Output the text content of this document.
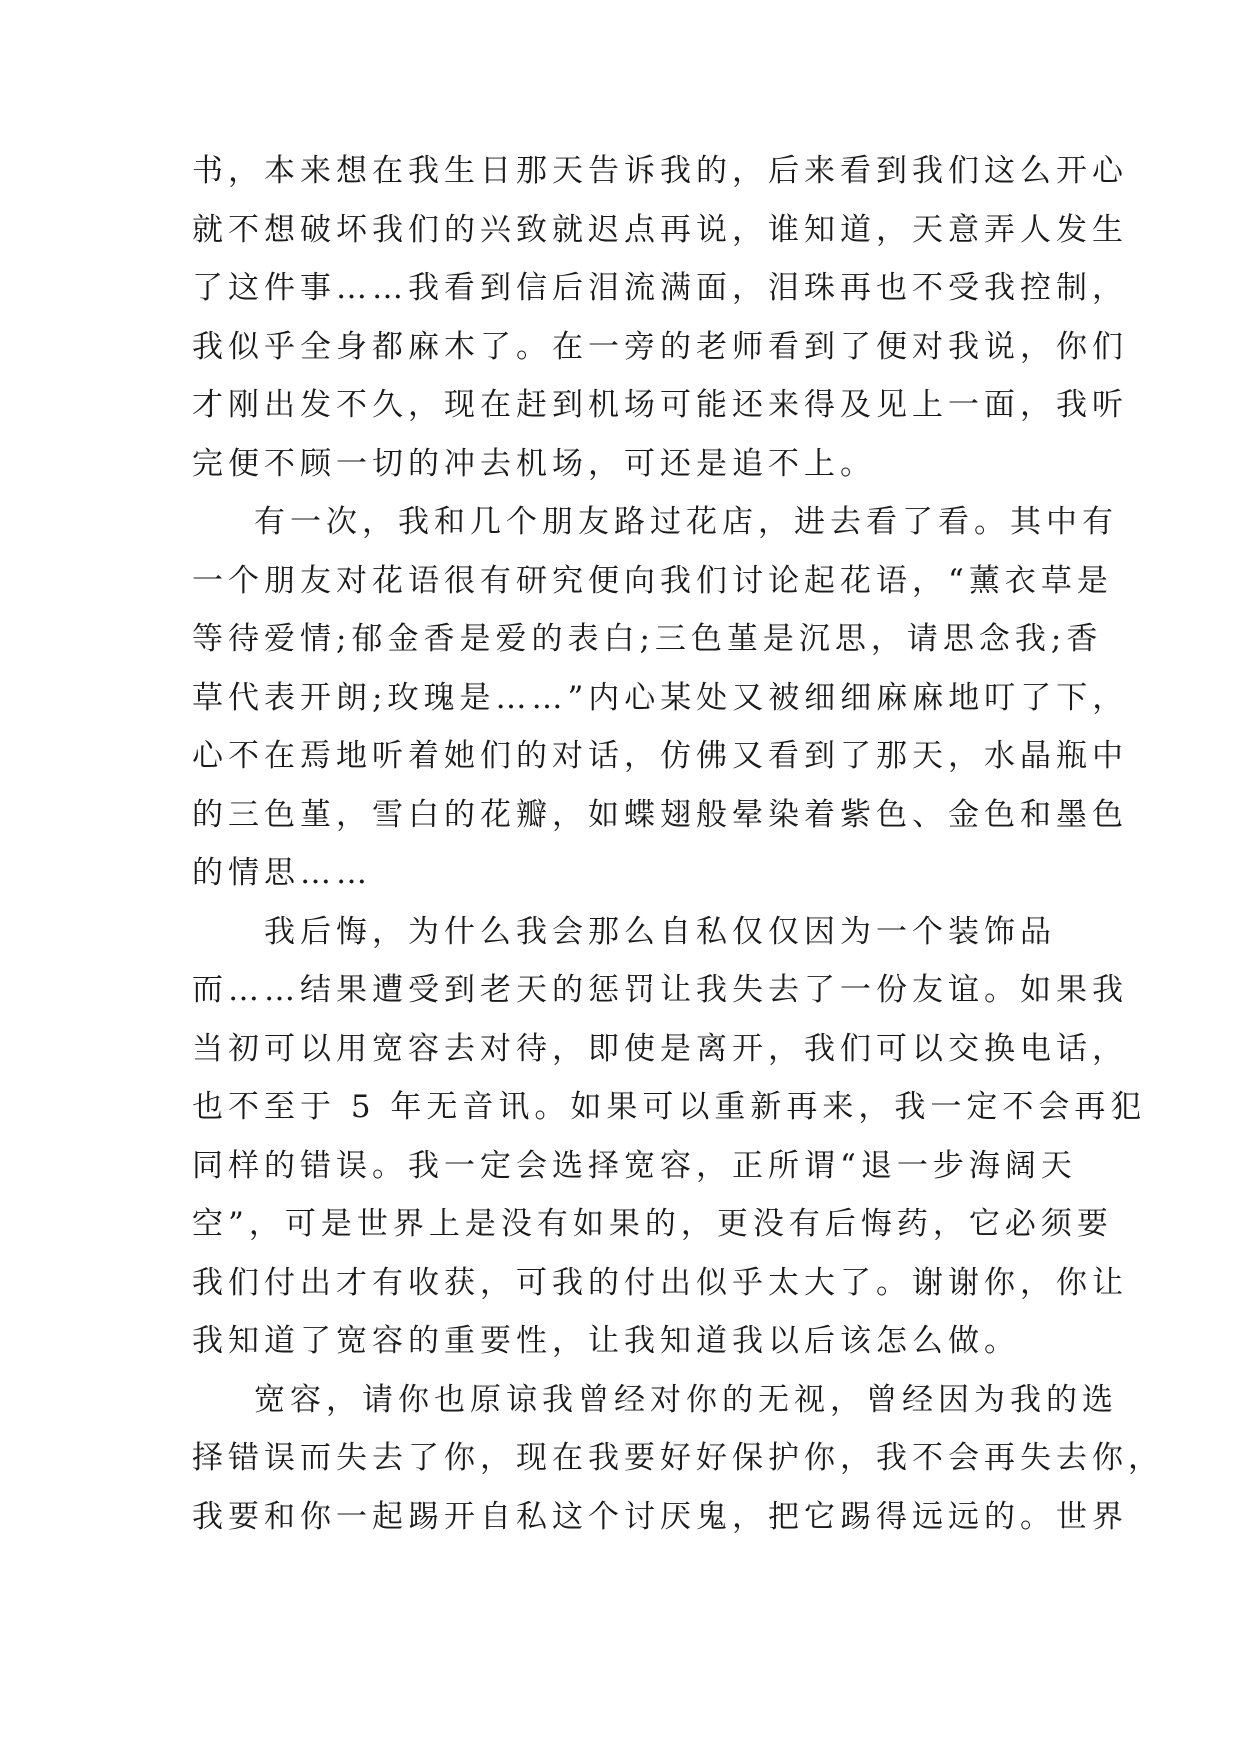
书，本来想在我生日那天告诉我的，后来看到我们这么开心
就不想破坏我们的兴致就迟点再说，谁知道，天意弄人发生
了这件事……我看到信后泪流满面，泪珠再也不受我控制，
我似乎全身都麻木了。在一旁的老师看到了便对我说，你们
才刚出发不久，现在赶到机场可能还来得及见上一面，我听
完便不顾一切的冲去机场，可还是追不上。
有一次，我和几个朋友路过花店，进去看了看。其中有
一个朋友对花语很有研究便向我们讨论起花语，“薰衣草是
等待爱情;郁金香是爱的表白;三色堇是沉思，请思念我;香
草代表开朗;玫瑰是……”内心某处又被细细麻麻地叮了下，
心不在焉地听着她们的对话，仿佛又看到了那天，水晶瓶中
的三色堇，雪白的花瓣，如蝶翅般晕染着紫色、金色和墨色
的情思……
我后悔，为什么我会那么自私仅仅因为一个装饰品
而……结果遭受到老天的惩罚让我失去了一份友谊。如果我
当初可以用宽容去对待，即使是离开，我们可以交换电话，
也不至于 5 年无音讯。如果可以重新再来，我一定不会再犯
同样的错误。我一定会选择宽容，正所谓“退一步海阔天
空”，可是世界上是没有如果的，更没有后悔药，它必须要
我们付出才有收获，可我的付出似乎太大了。谢谢你，你让
我知道了宽容的重要性，让我知道我以后该怎么做。
宽容，请你也原谅我曾经对你的无视，曾经因为我的选
择错误而失去了你，现在我要好好保护你，我不会再失去你，
我要和你一起踢开自私这个讨厌鬼，把它踢得远远的。世界
